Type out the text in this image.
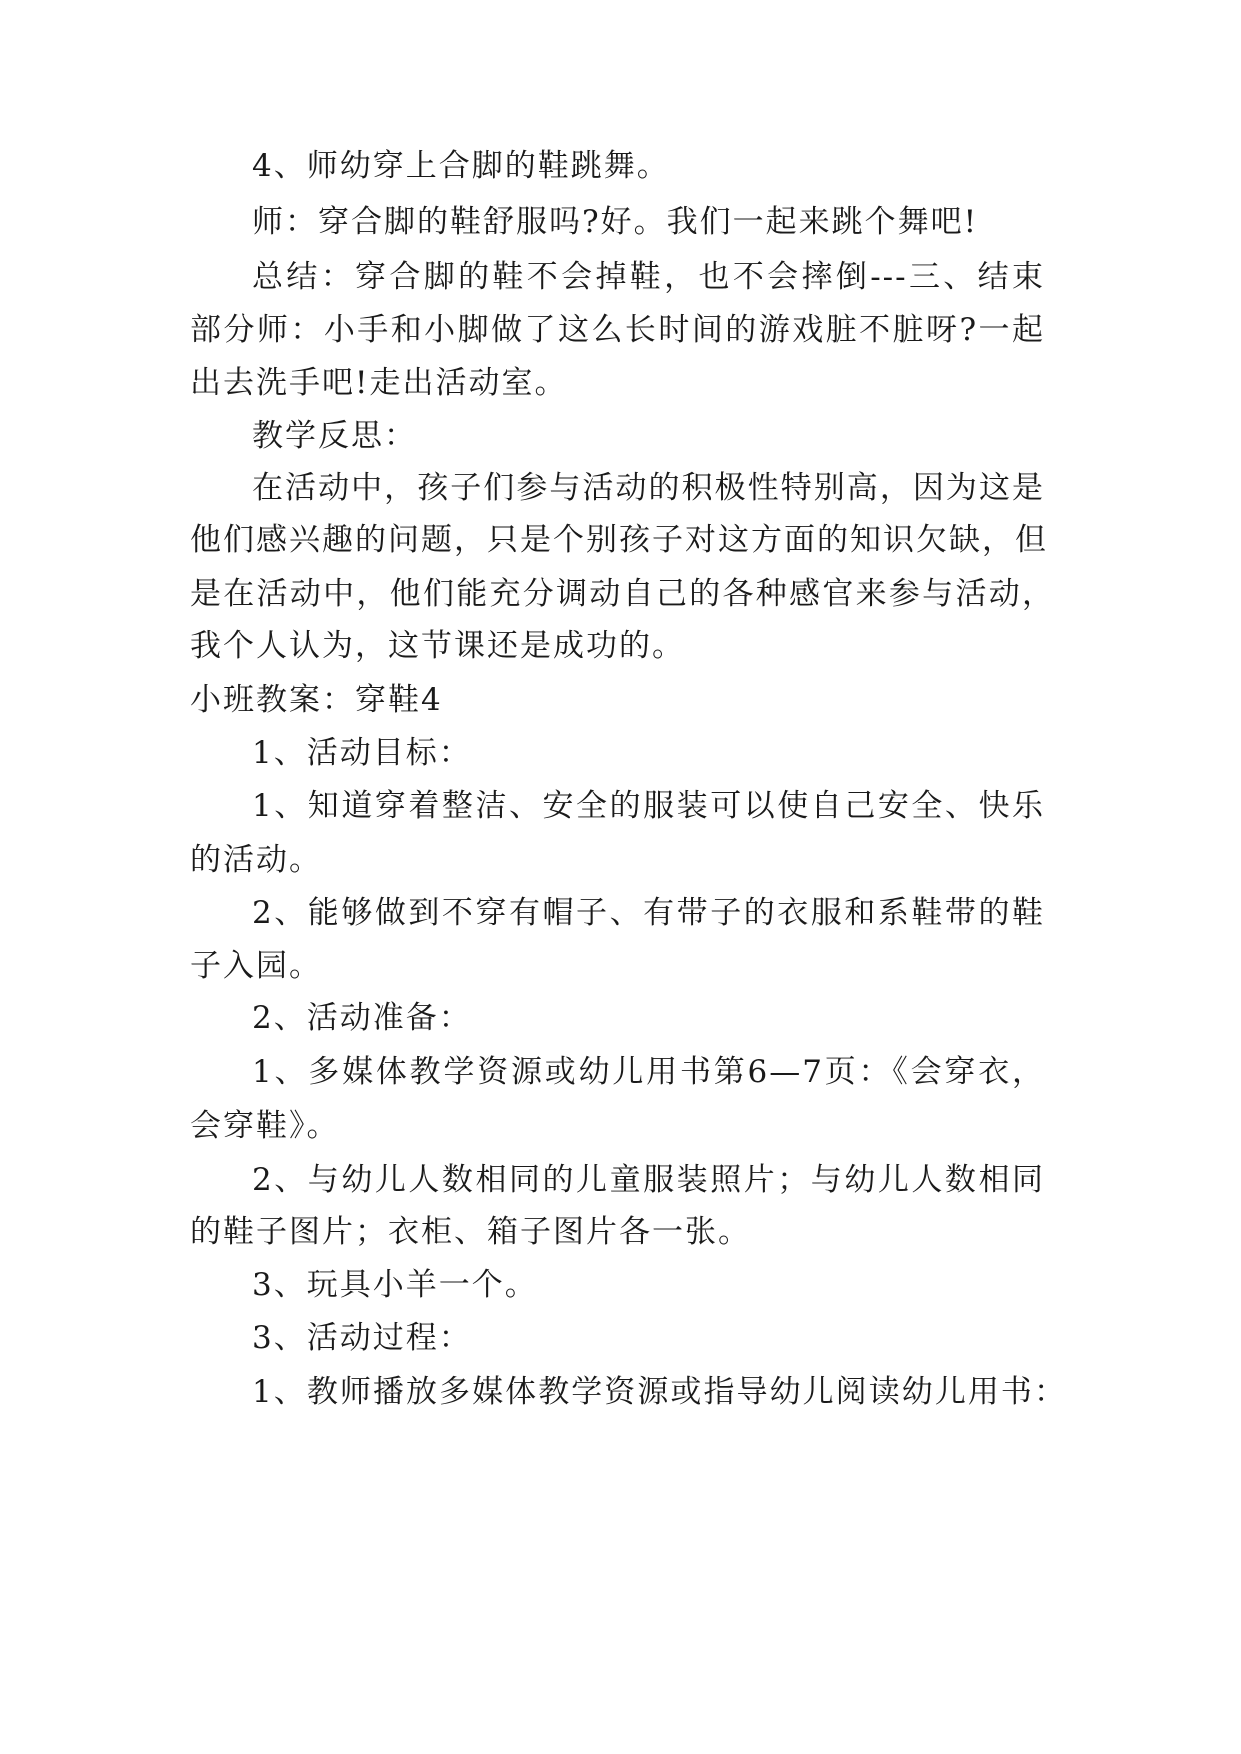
4、师幼穿上合脚的鞋跳舞。
师：穿合脚的鞋舒服吗?好。我们一起来跳个舞吧!
总结：穿合脚的鞋不会掉鞋，也不会摔倒---三、结束
部分师：小手和小脚做了这么长时间的游戏脏不脏呀?一起
出去洗手吧!走出活动室。
教学反思：
在活动中，孩子们参与活动的积极性特别高，因为这是
他们感兴趣的问题，只是个别孩子对这方面的知识欠缺，但
是在活动中，他们能充分调动自己的各种感官来参与活动，
我个人认为，这节课还是成功的。
小班教案：穿鞋4
1、活动目标：
1、知道穿着整洁、安全的服装可以使自己安全、快乐
的活动。
2、能够做到不穿有帽子、有带子的衣服和系鞋带的鞋
子入园。
2、活动准备：
1、多媒体教学资源或幼儿用书第6—7页：《会穿衣，
会穿鞋》。
2、与幼儿人数相同的儿童服装照片；与幼儿人数相同
的鞋子图片；衣柜、箱子图片各一张。
3、玩具小羊一个。
3、活动过程：
1、教师播放多媒体教学资源或指导幼儿阅读幼儿用书：
